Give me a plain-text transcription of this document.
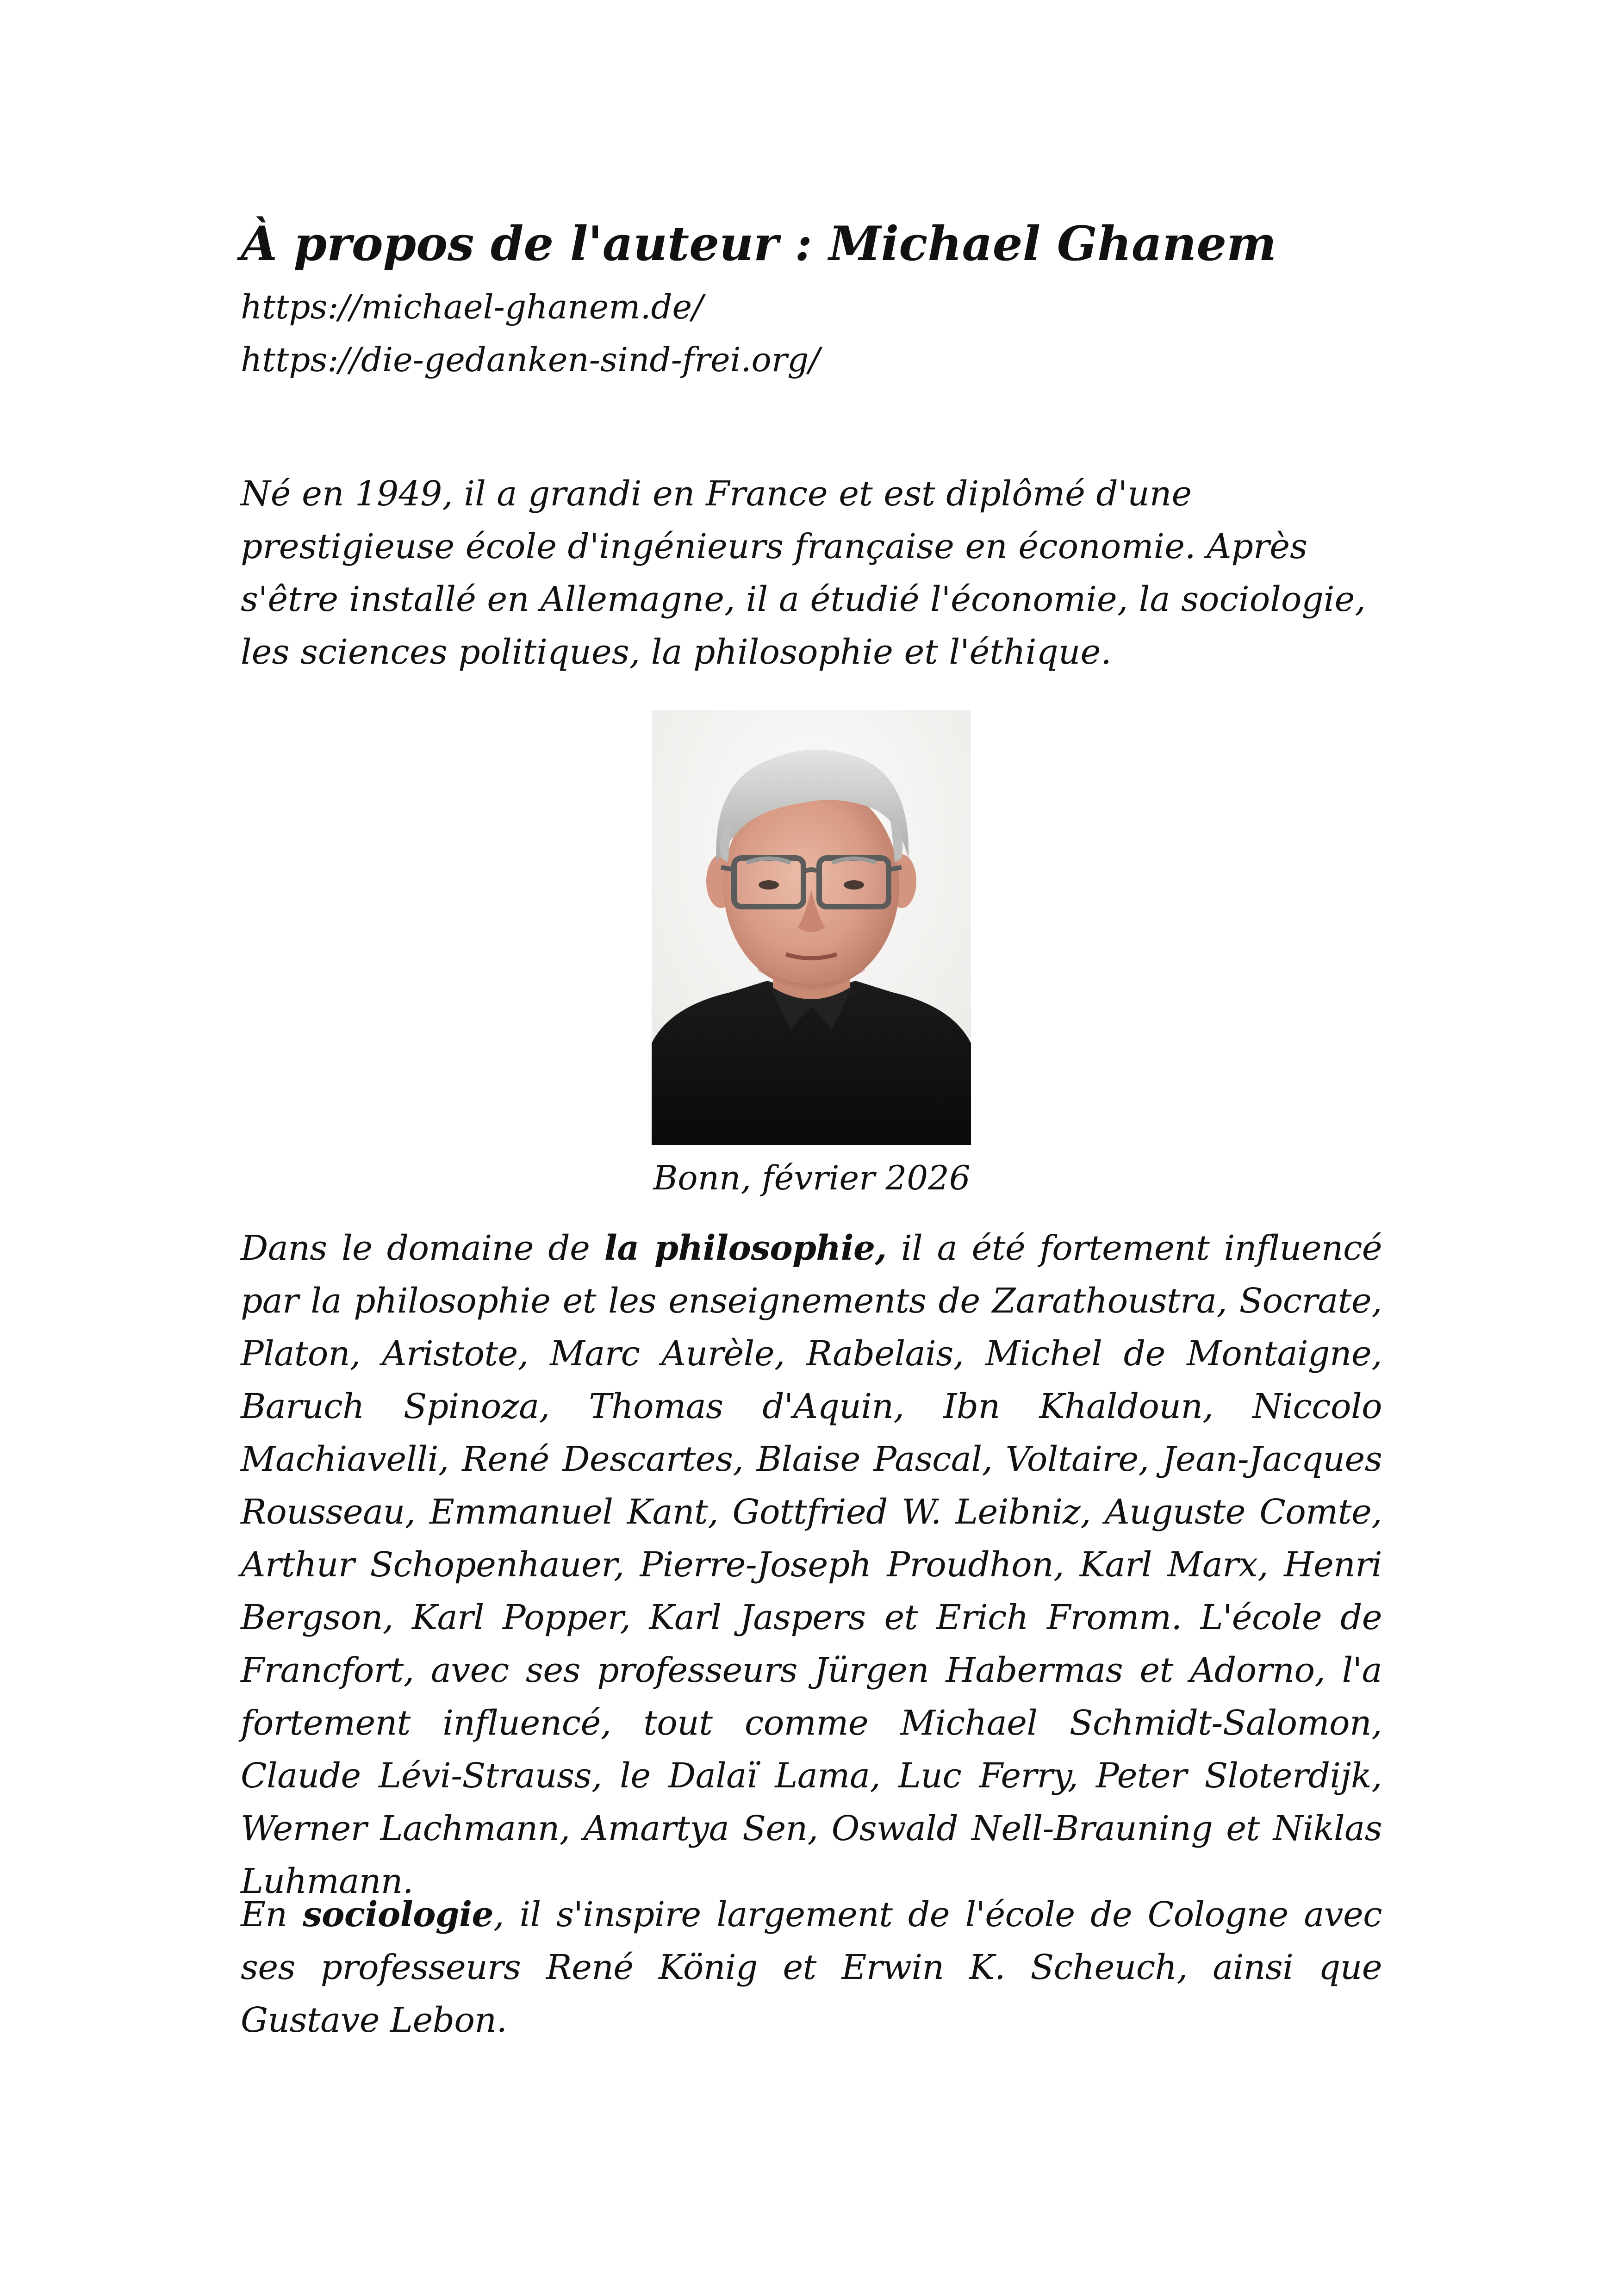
À propos de l'auteur : Michael Ghanem
https://michael-ghanem.de/
https://die-gedanken-sind-frei.org/

Né en 1949, il a grandi en France et est diplômé d'une prestigieuse école d'ingénieurs française en économie. Après s'être installé en Allemagne, il a étudié l'économie, la sociologie, les sciences politiques, la philosophie et l'éthique.

Bonn, février 2026

Dans le domaine de la philosophie, il a été fortement influencé par la philosophie et les enseignements de Zarathoustra, Socrate, Platon, Aristote, Marc Aurèle, Rabelais, Michel de Montaigne, Baruch Spinoza, Thomas d'Aquin, Ibn Khaldoun, Niccolo Machiavelli, René Descartes, Blaise Pascal, Voltaire, Jean-Jacques Rousseau, Emmanuel Kant, Gottfried W. Leibniz, Auguste Comte, Arthur Schopenhauer, Pierre-Joseph Proudhon, Karl Marx, Henri Bergson, Karl Popper, Karl Jaspers et Erich Fromm. L'école de Francfort, avec ses professeurs Jürgen Habermas et Adorno, l'a fortement influencé, tout comme Michael Schmidt-Salomon, Claude Lévi-Strauss, le Dalaï Lama, Luc Ferry, Peter Sloterdijk, Werner Lachmann, Amartya Sen, Oswald Nell-Brauning et Niklas Luhmann.

En sociologie, il s'inspire largement de l'école de Cologne avec ses professeurs René König et Erwin K. Scheuch, ainsi que Gustave Lebon.
